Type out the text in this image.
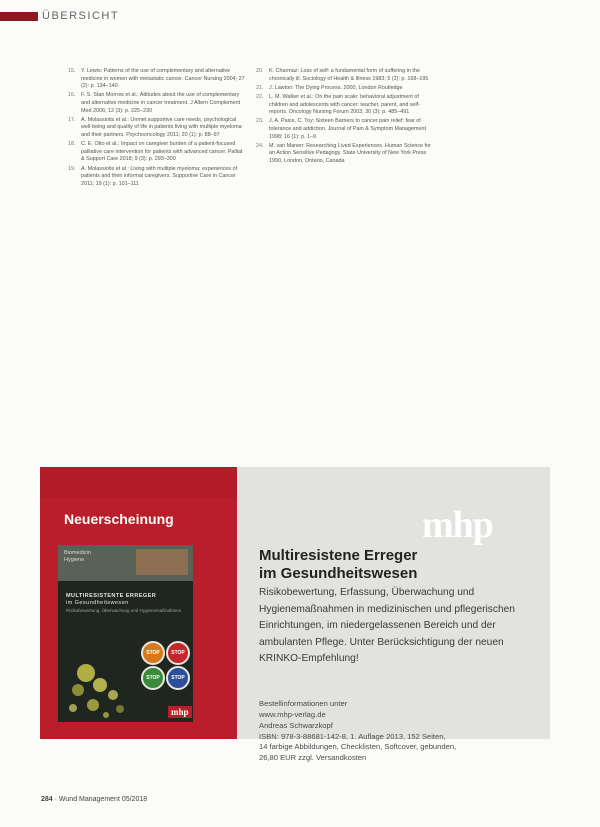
ÜBERSICHT
15.	Y. Lewis: Patterns of the use of complementary and alternative medicine in women with metastatic cancer. Cancer Nursing 2004; 27 (2): p. 134–140
16.	F. S. Stan Morrow et al.: Attitudes about the use of complementary and alternative medicine in cancer treatment. J Altern Complement Med 2006; 12 (3): p. 225–230
17.	A. Molassiotis et al.: Unmet supportive care needs, psychological well-being and quality of life in patients living with multiple myeloma and their partners. Psychooncology 2011; 20 (1): p. 88–97
18.	C. E. Otto et al.: Impact on caregiver burden of a patient-focused palliative care intervention for patients with advanced cancer. Palliat & Support Care 2018; 9 (3): p. 293–300
19.	A. Molassiotis et al.: Living with multiple myeloma: experiences of patients and their informal caregivers. Supportive Care in Cancer 2011; 19 (1): p. 101–111
20.	K. Charmaz: Loss of self: a fundamental form of suffering in the chronically ill. Sociology of Health & Illness 1983; 5 (2): p. 168–195
21.	J. Lawton: The Dying Process. 2000, London Routledge
22.	L. M. Walker et al.: On the pain scale: behavioral adjustment of children and adolescents with cancer: teacher, parent, and self-reports. Oncology Nursing Forum 2003; 30 (3): p. 485–491
23.	J. A. Paice, C. Toy: Sixteen Barriers to cancer pain relief: fear of tolerance and addiction. Journal of Pain & Symptom Management 1998; 16 (1): p. 1–9
24.	M. van Manen: Researching Lived Experiences. Human Science for an Action Sensitive Pedagogy. State University of New York Press 1990, London, Ontario, Canada
Neuerscheinung
Biomedizin
Hygiene
MULTIRESISTENTE ERREGER
im Gesundheitswesen
Risikobewertung, Überwachung und Hygienemaßnahmen
STOP	STOP
STOP	STOP
mhp
mhp
Multiresistene Erreger
im Gesundheitswesen
Risikobewertung, Erfassung, Überwachung und Hygienemaßnahmen in medizinischen und pflegerischen Einrichtungen, im niedergelassenen Bereich und der ambulanten Pflege. Unter Berücksichtigung der neuen KRINKO-Empfehlung!
Bestellinformationen unter
www.mhp-verlag.de
Andreas Schwarzkopf
ISBN: 978-3-88681-142-8, 1. Auflage 2013, 152 Seiten,
14 farbige Abbildungen, Checklisten, Softcover, gebunden,
26,80 EUR zzgl. Versandkosten
284 · Wund Management 05/2018
